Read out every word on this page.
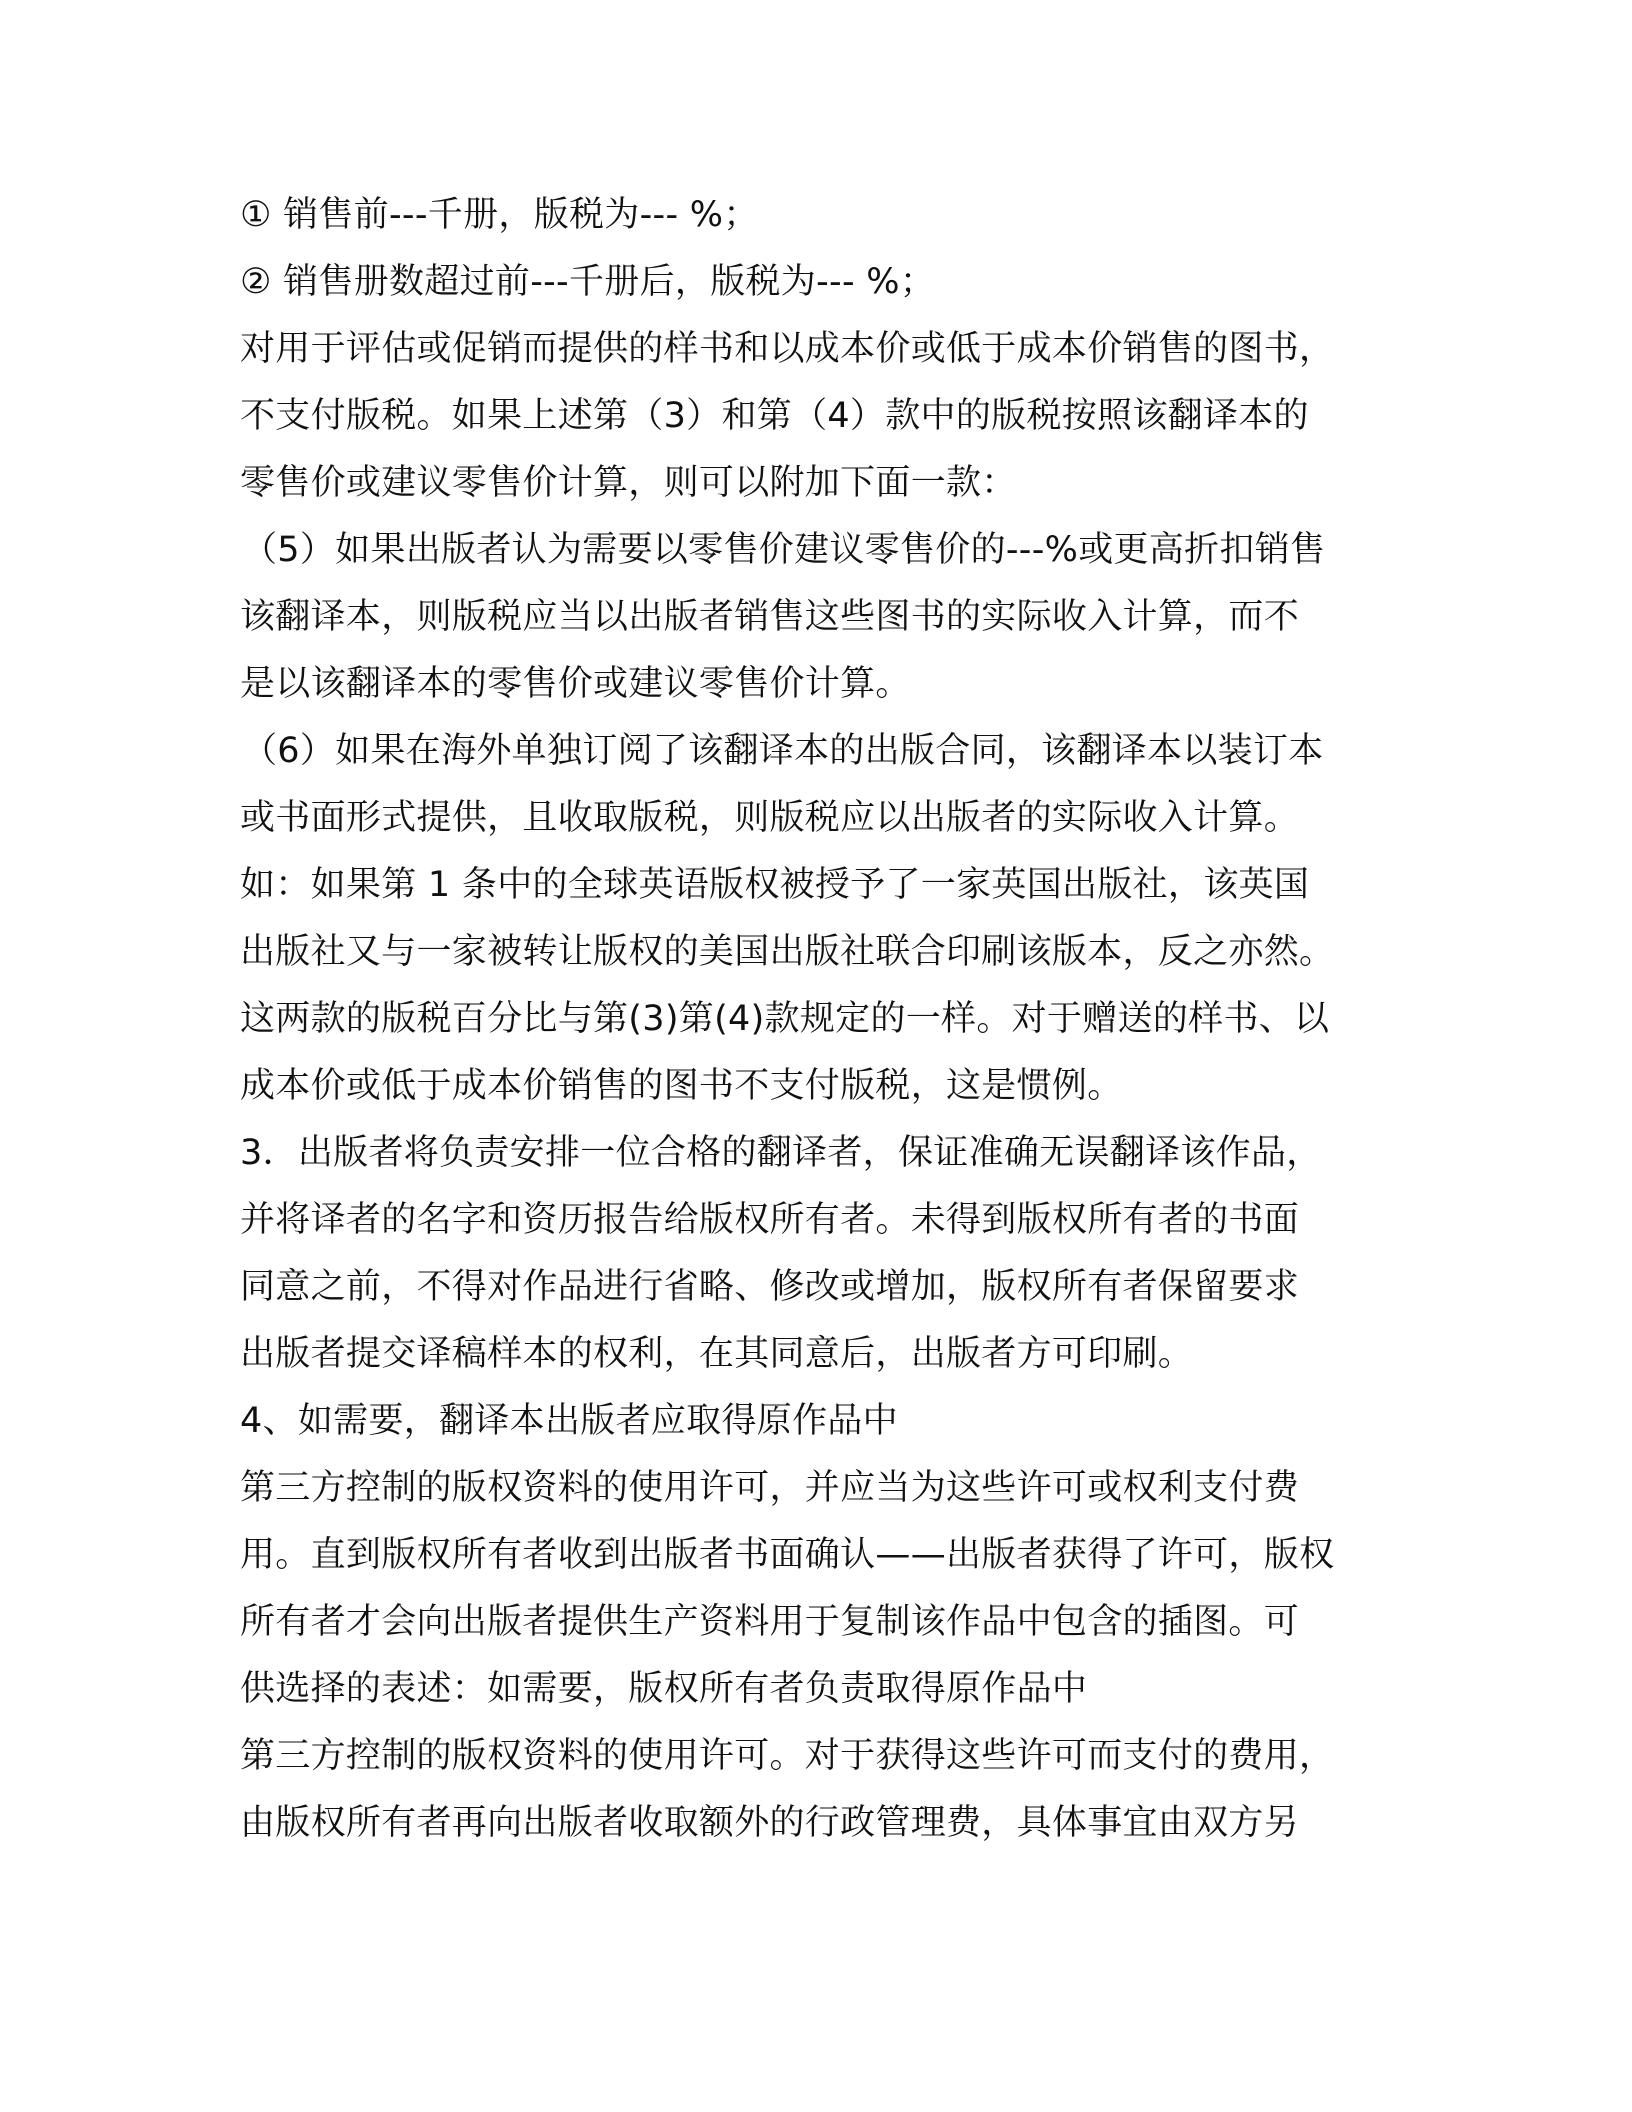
① 销售前---千册，版税为--- %；
② 销售册数超过前---千册后，版税为--- %；
对用于评估或促销而提供的样书和以成本价或低于成本价销售的图书，
不支付版税。如果上述第（3）和第（4）款中的版税按照该翻译本的
零售价或建议零售价计算，则可以附加下面一款：
（5）如果出版者认为需要以零售价建议零售价的---%或更高折扣销售
该翻译本，则版税应当以出版者销售这些图书的实际收入计算，而不
是以该翻译本的零售价或建议零售价计算。
（6）如果在海外单独订阅了该翻译本的出版合同，该翻译本以装订本
或书面形式提供，且收取版税，则版税应以出版者的实际收入计算。
如：如果第 1 条中的全球英语版权被授予了一家英国出版社，该英国
出版社又与一家被转让版权的美国出版社联合印刷该版本，反之亦然。
这两款的版税百分比与第(3)第(4)款规定的一样。对于赠送的样书、以
成本价或低于成本价销售的图书不支付版税，这是惯例。
3．出版者将负责安排一位合格的翻译者，保证准确无误翻译该作品，
并将译者的名字和资历报告给版权所有者。未得到版权所有者的书面
同意之前，不得对作品进行省略、修改或增加，版权所有者保留要求
出版者提交译稿样本的权利，在其同意后，出版者方可印刷。
4、如需要，翻译本出版者应取得原作品中
第三方控制的版权资料的使用许可，并应当为这些许可或权利支付费
用。直到版权所有者收到出版者书面确认——出版者获得了许可，版权
所有者才会向出版者提供生产资料用于复制该作品中包含的插图。可
供选择的表述：如需要，版权所有者负责取得原作品中
第三方控制的版权资料的使用许可。对于获得这些许可而支付的费用，
由版权所有者再向出版者收取额外的行政管理费，具体事宜由双方另
